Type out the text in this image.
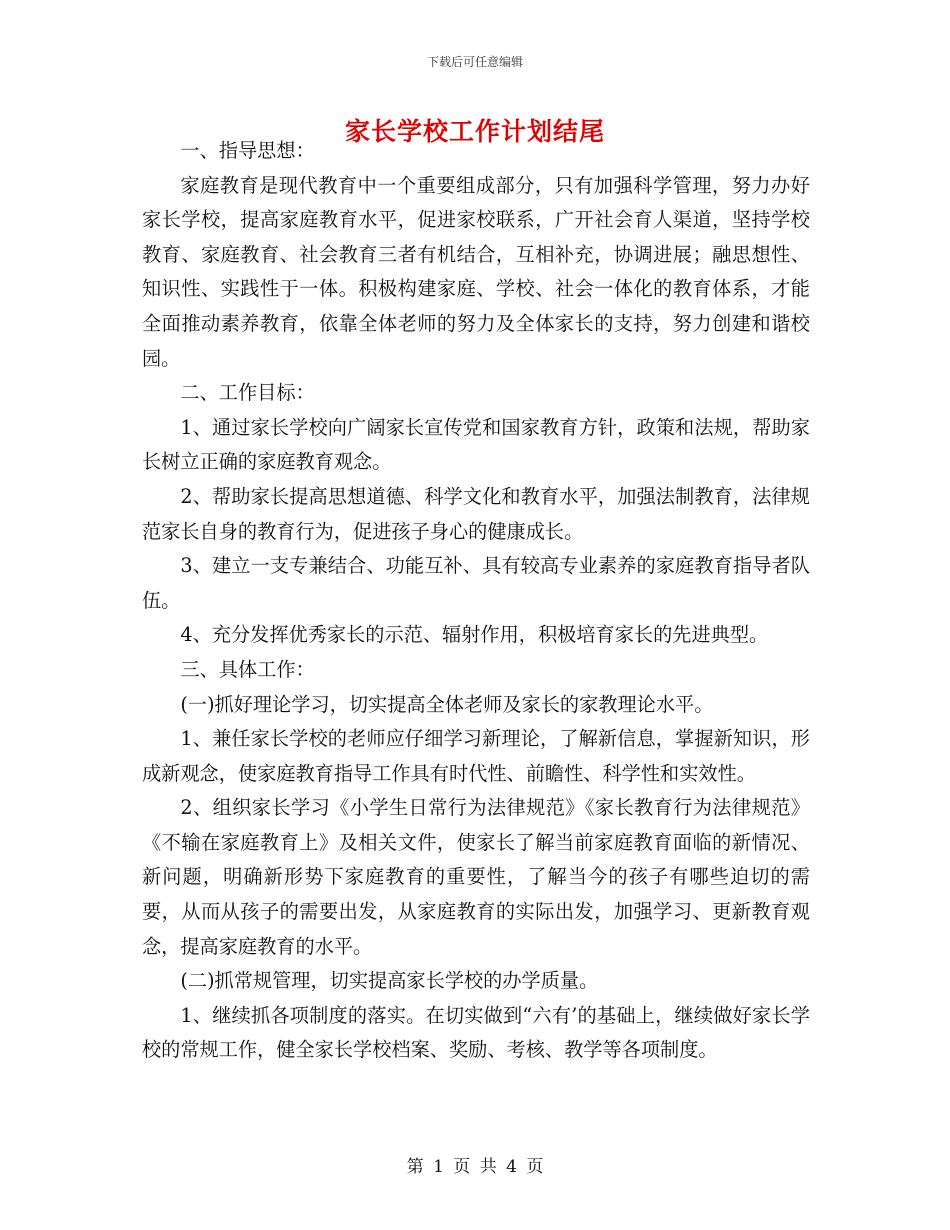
下载后可任意编辑
家长学校工作计划结尾

一、指导思想：

家庭教育是现代教育中一个重要组成部分，只有加强科学管理，努力办好家长学校，提高家庭教育水平，促进家校联系，广开社会育人渠道，坚持学校教育、家庭教育、社会教育三者有机结合，互相补充，协调进展；融思想性、知识性、实践性于一体。积极构建家庭、学校、社会一体化的教育体系，才能全面推动素养教育，依靠全体老师的努力及全体家长的支持，努力创建和谐校园。

二、工作目标：

1、通过家长学校向广阔家长宣传党和国家教育方针，政策和法规，帮助家长树立正确的家庭教育观念。

2、帮助家长提高思想道德、科学文化和教育水平，加强法制教育，法律规范家长自身的教育行为，促进孩子身心的健康成长。

3、建立一支专兼结合、功能互补、具有较高专业素养的家庭教育指导者队伍。

4、充分发挥优秀家长的示范、辐射作用，积极培育家长的先进典型。

三、具体工作：

(一)抓好理论学习，切实提高全体老师及家长的家教理论水平。

1、兼任家长学校的老师应仔细学习新理论，了解新信息，掌握新知识，形成新观念，使家庭教育指导工作具有时代性、前瞻性、科学性和实效性。

2、组织家长学习《小学生日常行为法律规范》《家长教育行为法律规范》《不输在家庭教育上》及相关文件，使家长了解当前家庭教育面临的新情况、新问题，明确新形势下家庭教育的重要性，了解当今的孩子有哪些迫切的需要，从而从孩子的需要出发，从家庭教育的实际出发，加强学习、更新教育观念，提高家庭教育的水平。

(二)抓常规管理，切实提高家长学校的办学质量。

1、继续抓各项制度的落实。在切实做到“六有’的基础上，继续做好家长学校的常规工作，健全家长学校档案、奖励、考核、教学等各项制度。

第 1 页 共 4 页
